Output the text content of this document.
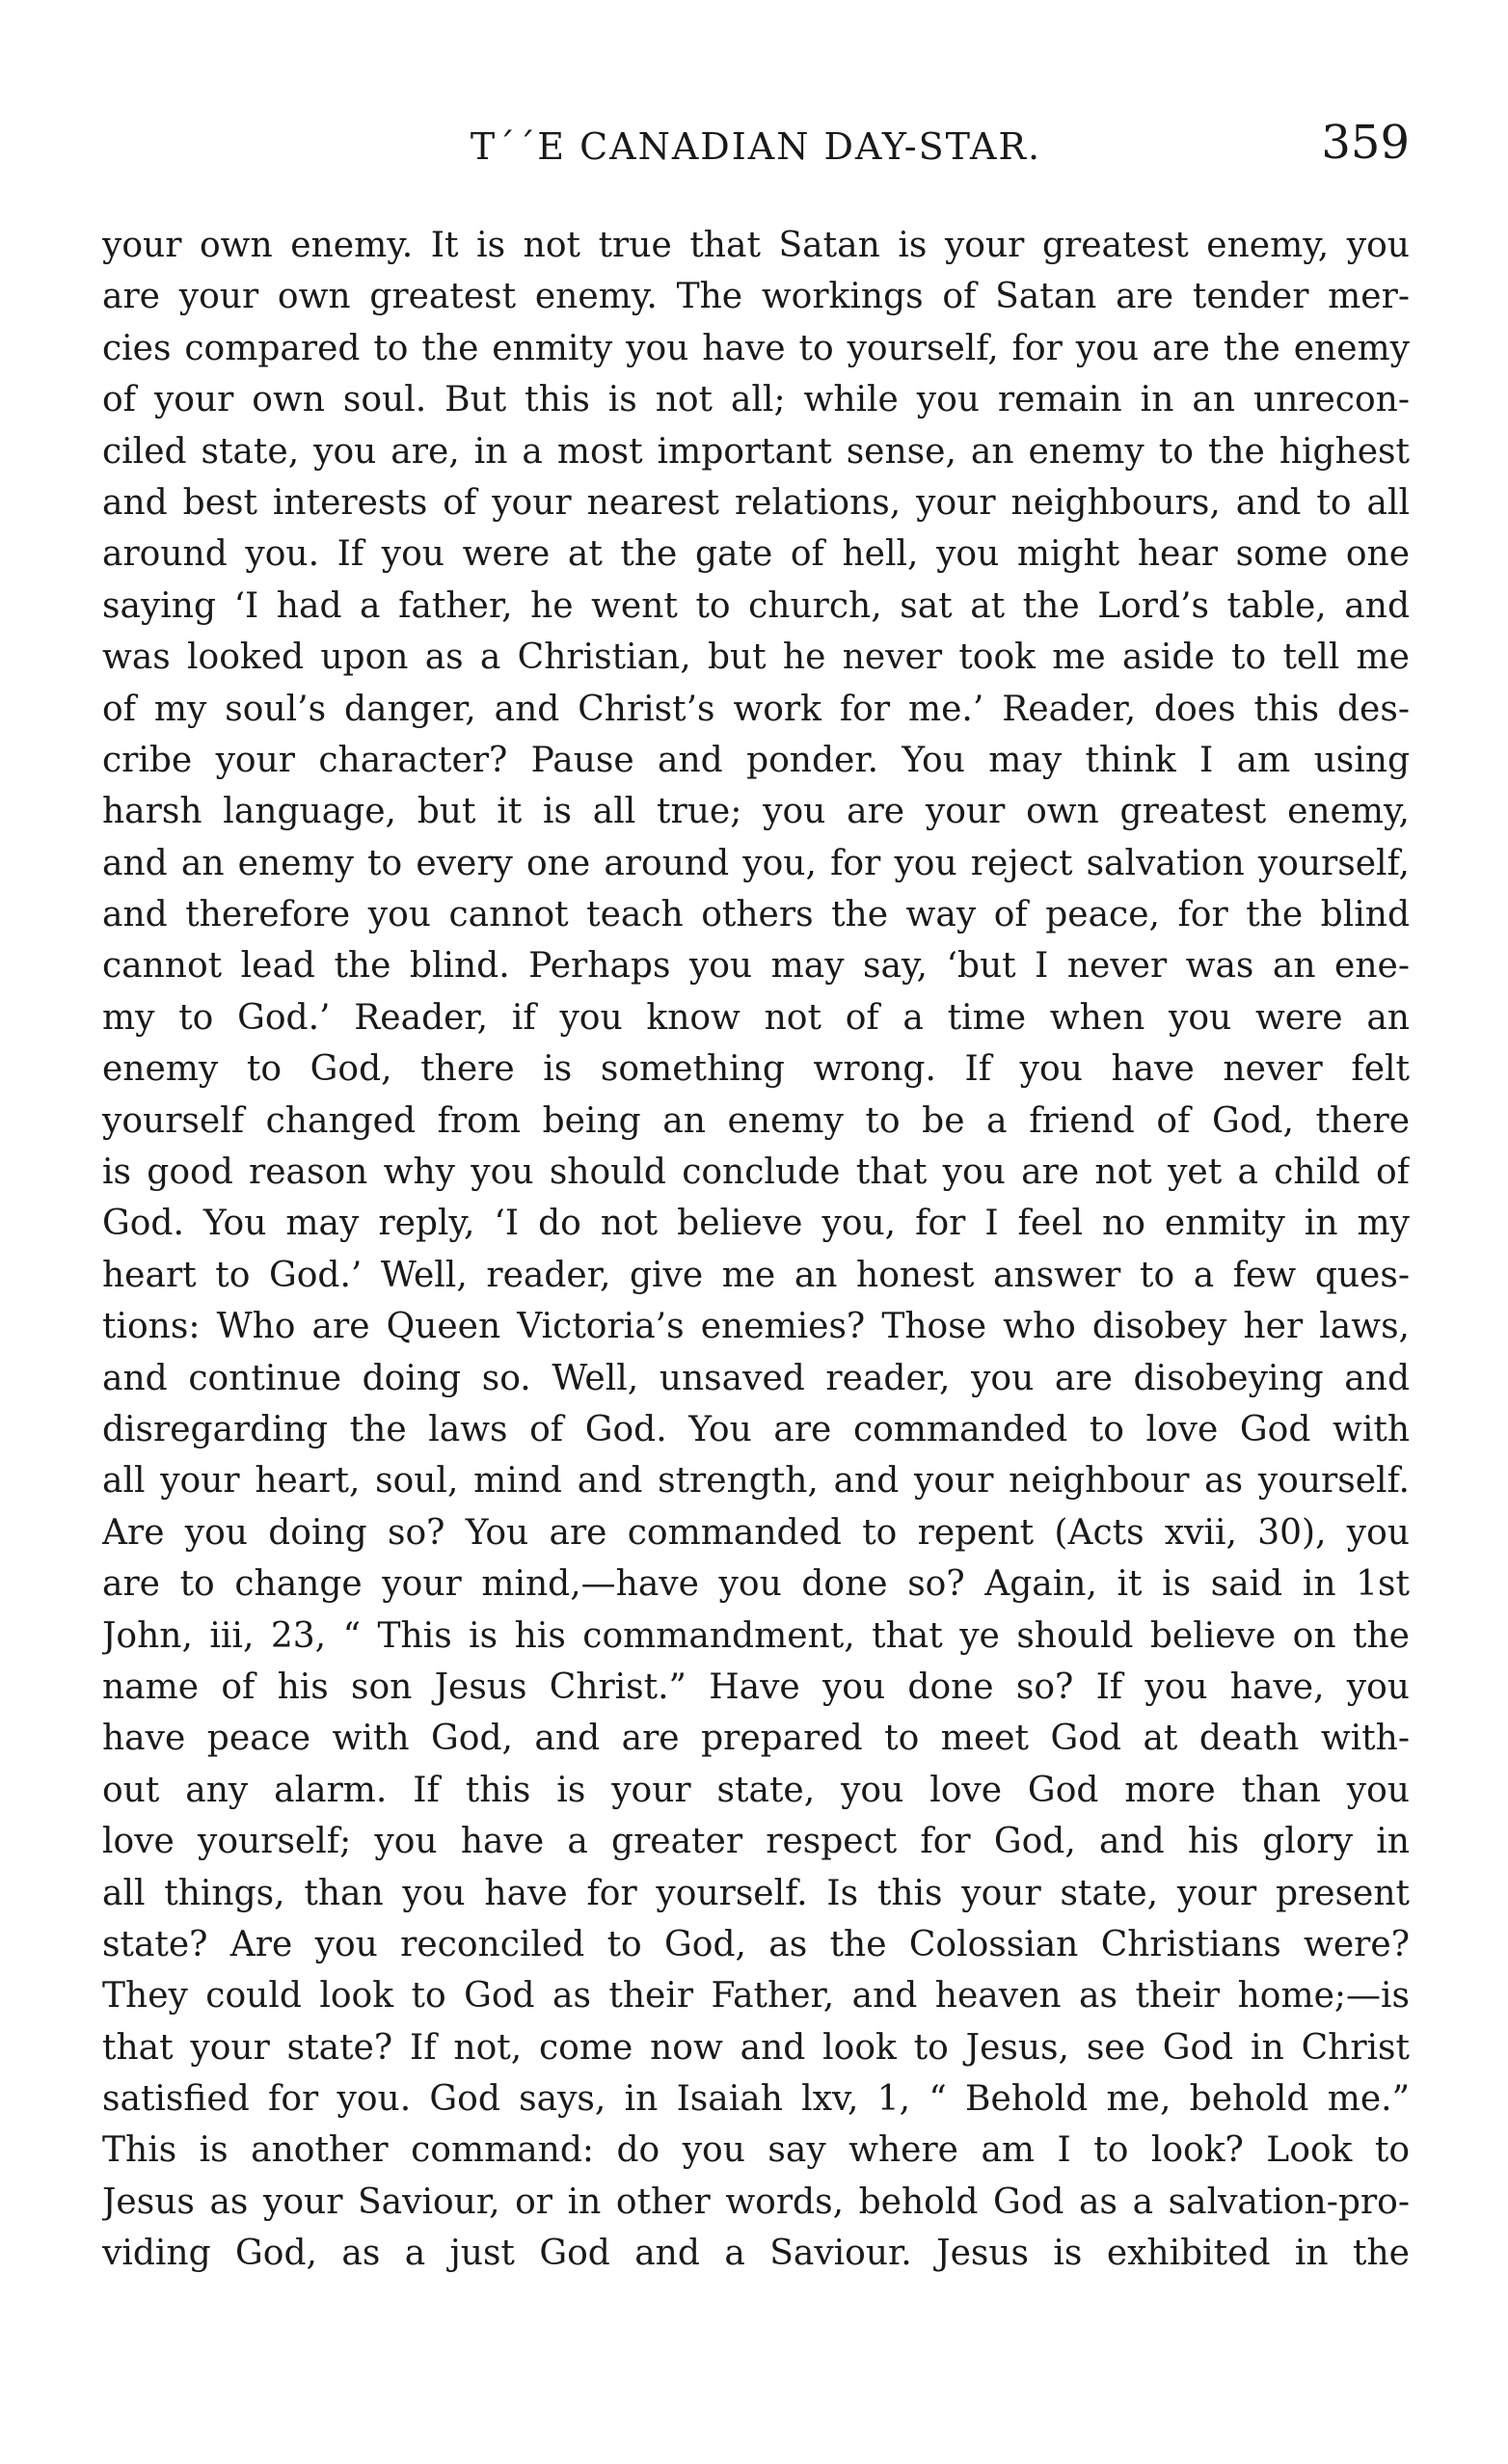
T´´E CANADIAN DAY-STAR.	359
your own enemy. It is not true that Satan is your greatest enemy, you
are your own greatest enemy. The workings of Satan are tender mer-
cies compared to the enmity you have to yourself, for you are the enemy
of your own soul. But this is not all; while you remain in an unrecon-
ciled state, you are, in a most important sense, an enemy to the highest
and best interests of your nearest relations, your neighbours, and to all
around you. If you were at the gate of hell, you might hear some one
saying ‘I had a father, he went to church, sat at the Lord’s table, and
was looked upon as a Christian, but he never took me aside to tell me
of my soul’s danger, and Christ’s work for me.’ Reader, does this des-
cribe your character? Pause and ponder. You may think I am using
harsh language, but it is all true; you are your own greatest enemy,
and an enemy to every one around you, for you reject salvation yourself,
and therefore you cannot teach others the way of peace, for the blind
cannot lead the blind. Perhaps you may say, ‘but I never was an ene-
my to God.’ Reader, if you know not of a time when you were an
enemy to God, there is something wrong. If you have never felt
yourself changed from being an enemy to be a friend of God, there
is good reason why you should conclude that you are not yet a child of
God. You may reply, ‘I do not believe you, for I feel no enmity in my
heart to God.’ Well, reader, give me an honest answer to a few ques-
tions: Who are Queen Victoria’s enemies? Those who disobey her laws,
and continue doing so. Well, unsaved reader, you are disobeying and
disregarding the laws of God. You are commanded to love God with
all your heart, soul, mind and strength, and your neighbour as yourself.
Are you doing so? You are commanded to repent (Acts xvii, 30), you
are to change your mind,—have you done so? Again, it is said in 1st
John, iii, 23, “ This is his commandment, that ye should believe on the
name of his son Jesus Christ.” Have you done so? If you have, you
have peace with God, and are prepared to meet God at death with-
out any alarm. If this is your state, you love God more than you
love yourself; you have a greater respect for God, and his glory in
all things, than you have for yourself. Is this your state, your present
state? Are you reconciled to God, as the Colossian Christians were?
They could look to God as their Father, and heaven as their home;—is
that your state? If not, come now and look to Jesus, see God in Christ
satisfied for you. God says, in Isaiah lxv, 1, “ Behold me, behold me.”
This is another command: do you say where am I to look? Look to
Jesus as your Saviour, or in other words, behold God as a salvation-pro-
viding God, as a just God and a Saviour. Jesus is exhibited in the
